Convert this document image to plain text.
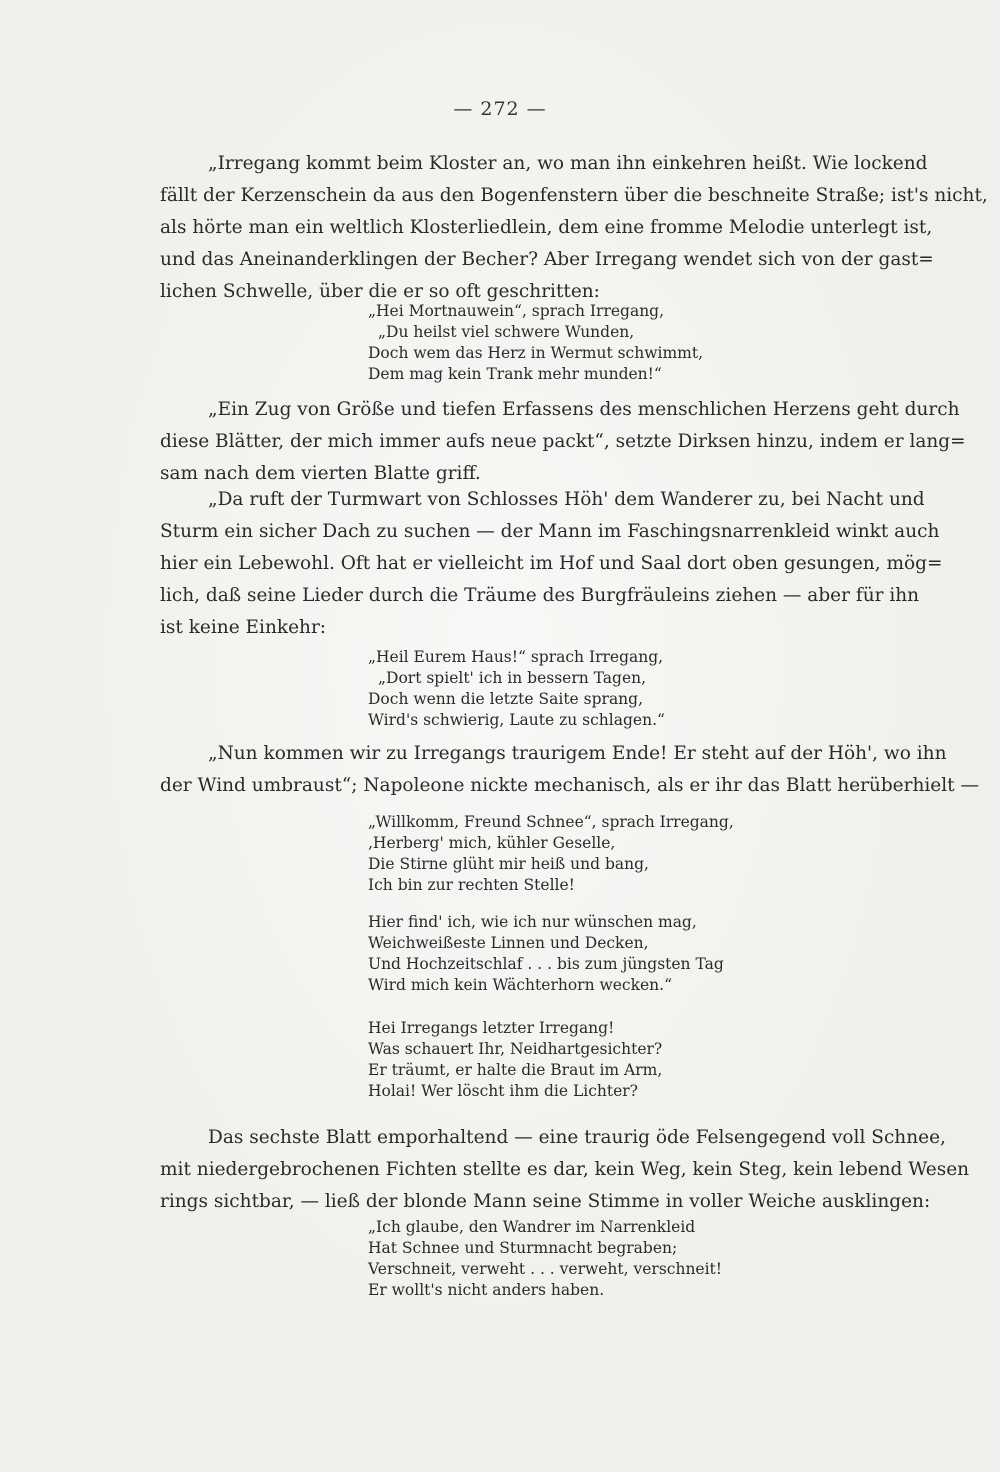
— 272 —
„Irregang kommt beim Kloster an, wo man ihn einkehren heißt. Wie lockend
fällt der Kerzenschein da aus den Bogenfenstern über die beschneite Straße; ist's nicht,
als hörte man ein weltlich Klosterliedlein, dem eine fromme Melodie unterlegt ist,
und das Aneinanderklingen der Becher? Aber Irregang wendet sich von der gast=
lichen Schwelle, über die er so oft geschritten:
„Hei Mortnauwein“, sprach Irregang,
„Du heilst viel schwere Wunden,
Doch wem das Herz in Wermut schwimmt,
Dem mag kein Trank mehr munden!“
„Ein Zug von Größe und tiefen Erfassens des menschlichen Herzens geht durch
diese Blätter, der mich immer aufs neue packt“, setzte Dirksen hinzu, indem er lang=
sam nach dem vierten Blatte griff.
„Da ruft der Turmwart von Schlosses Höh' dem Wanderer zu, bei Nacht und
Sturm ein sicher Dach zu suchen — der Mann im Faschingsnarrenkleid winkt auch
hier ein Lebewohl. Oft hat er vielleicht im Hof und Saal dort oben gesungen, mög=
lich, daß seine Lieder durch die Träume des Burgfräuleins ziehen — aber für ihn
ist keine Einkehr:
„Heil Eurem Haus!“ sprach Irregang,
„Dort spielt' ich in bessern Tagen,
Doch wenn die letzte Saite sprang,
Wird's schwierig, Laute zu schlagen.“
„Nun kommen wir zu Irregangs traurigem Ende! Er steht auf der Höh', wo ihn
der Wind umbraust“; Napoleone nickte mechanisch, als er ihr das Blatt herüberhielt —
„Willkomm, Freund Schnee“, sprach Irregang,
‚Herberg' mich, kühler Geselle,
Die Stirne glüht mir heiß und bang,
Ich bin zur rechten Stelle!
Hier find' ich, wie ich nur wünschen mag,
Weichweißeste Linnen und Decken,
Und Hochzeitschlaf . . . bis zum jüngsten Tag
Wird mich kein Wächterhorn wecken.“
Hei Irregangs letzter Irregang!
Was schauert Ihr, Neidhartgesichter?
Er träumt, er halte die Braut im Arm,
Holai! Wer löscht ihm die Lichter?
Das sechste Blatt emporhaltend — eine traurig öde Felsengegend voll Schnee,
mit niedergebrochenen Fichten stellte es dar, kein Weg, kein Steg, kein lebend Wesen
rings sichtbar, — ließ der blonde Mann seine Stimme in voller Weiche ausklingen:
„Ich glaube, den Wandrer im Narrenkleid
Hat Schnee und Sturmnacht begraben;
Verschneit, verweht . . . verweht, verschneit!
Er wollt's nicht anders haben.
